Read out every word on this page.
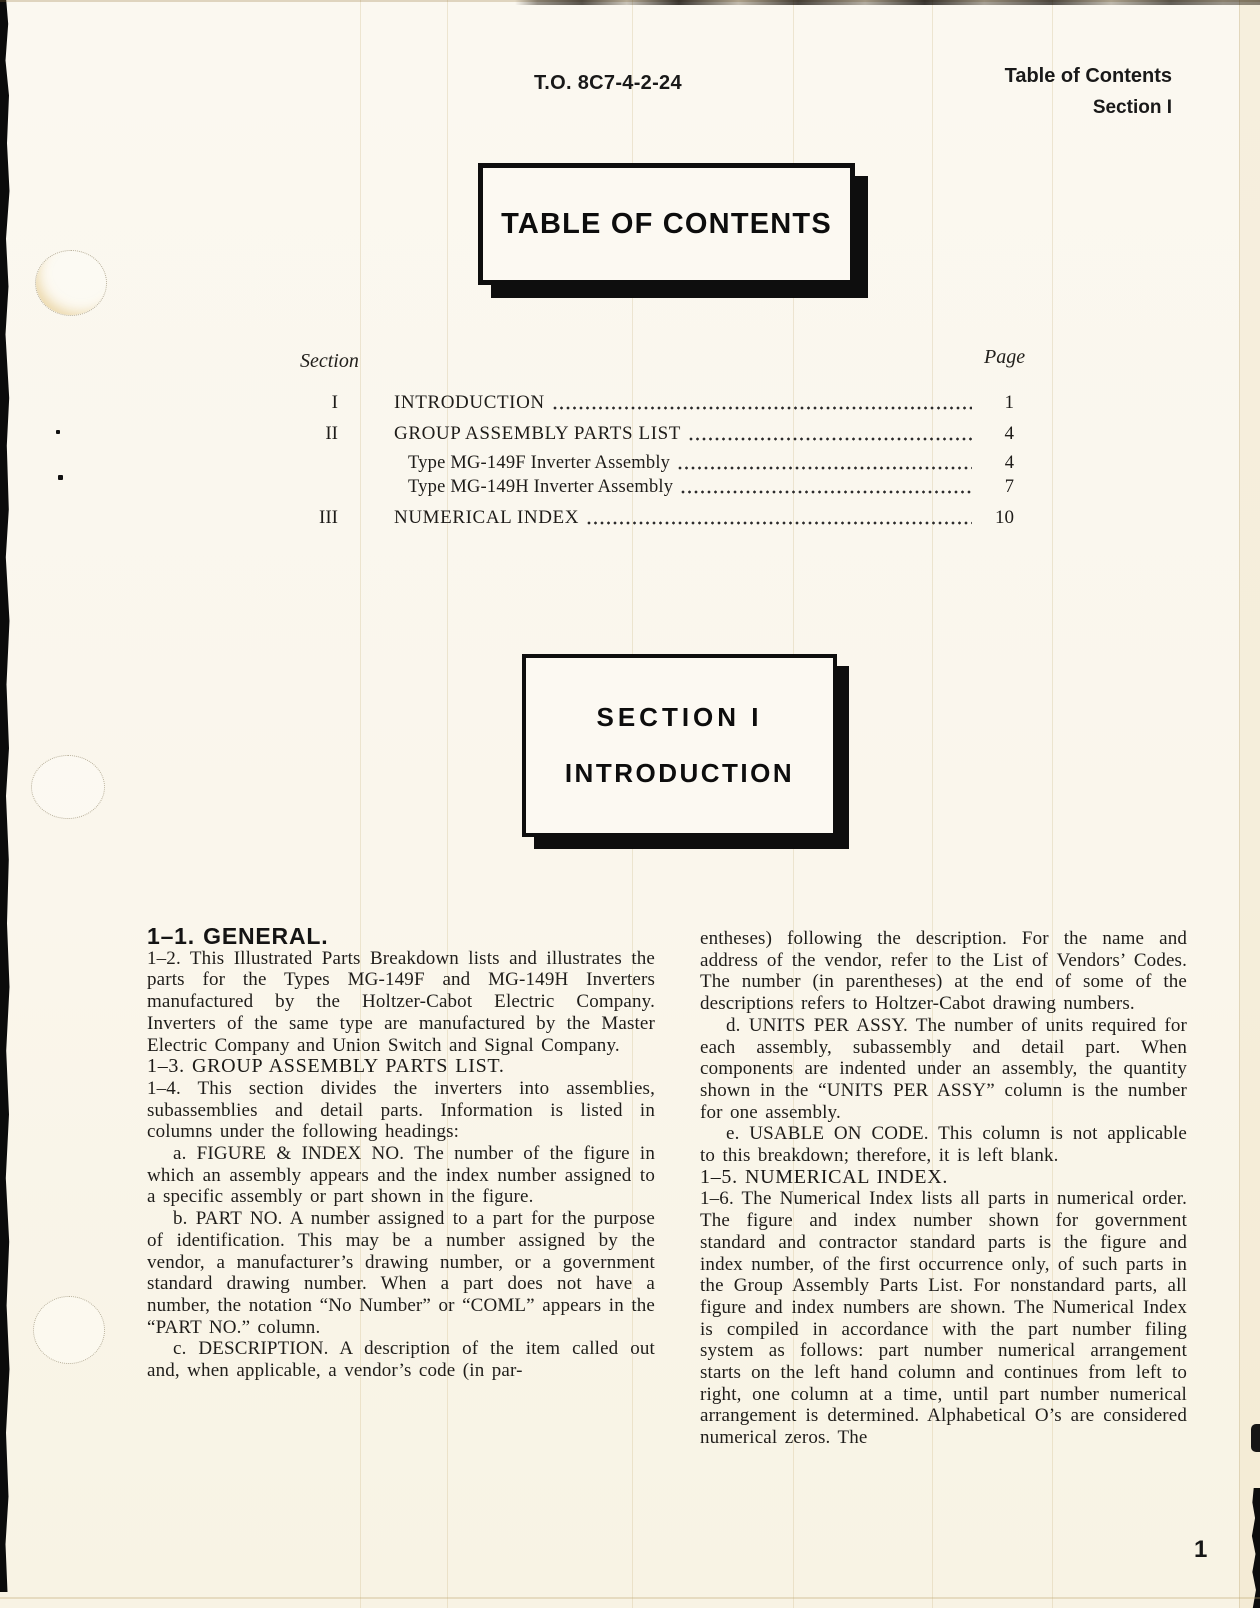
T.O. 8C7-4-2-24	Table of Contents
Section I
TABLE OF CONTENTS
Section	Page
I	INTRODUCTION	1
II	GROUP ASSEMBLY PARTS LIST	4
Type MG-149F Inverter Assembly	4
Type MG-149H Inverter Assembly	7
III	NUMERICAL INDEX	10
SECTION I
INTRODUCTION

1–1. GENERAL.

1–2. This Illustrated Parts Breakdown lists and illustrates the parts for the Types MG-149F and MG-149H Inverters manufactured by the Holtzer-Cabot Electric Company. Inverters of the same type are manufactured by the Master Electric Company and Union Switch and Signal Company.

1–3. GROUP ASSEMBLY PARTS LIST.

1–4. This section divides the inverters into assemblies, subassemblies and detail parts. Information is listed in columns under the following headings:

a. FIGURE & INDEX NO. The number of the figure in which an assembly appears and the index number assigned to a specific assembly or part shown in the figure.

b. PART NO. A number assigned to a part for the purpose of identification. This may be a number assigned by the vendor, a manufacturer’s drawing number, or a government standard drawing number. When a part does not have a number, the notation “No Number” or “COML” appears in the “PART NO.” column.

c. DESCRIPTION. A description of the item called out and, when applicable, a vendor’s code (in par-

entheses) following the description. For the name and address of the vendor, refer to the List of Vendors’ Codes. The number (in parentheses) at the end of some of the descriptions refers to Holtzer-Cabot drawing numbers.

d. UNITS PER ASSY. The number of units required for each assembly, subassembly and detail part. When components are indented under an assembly, the quantity shown in the “UNITS PER ASSY” column is the number for one assembly.

e. USABLE ON CODE. This column is not applicable to this breakdown; therefore, it is left blank.

1–5. NUMERICAL INDEX.

1–6. The Numerical Index lists all parts in numerical order. The figure and index number shown for government standard and contractor standard parts is the figure and index number, of the first occurrence only, of such parts in the Group Assembly Parts List. For nonstandard parts, all figure and index numbers are shown. The Numerical Index is compiled in accordance with the part number filing system as follows: part number numerical arrangement starts on the left hand column and continues from left to right, one column at a time, until part number numerical arrangement is determined. Alphabetical O’s are considered numerical zeros. The

1
